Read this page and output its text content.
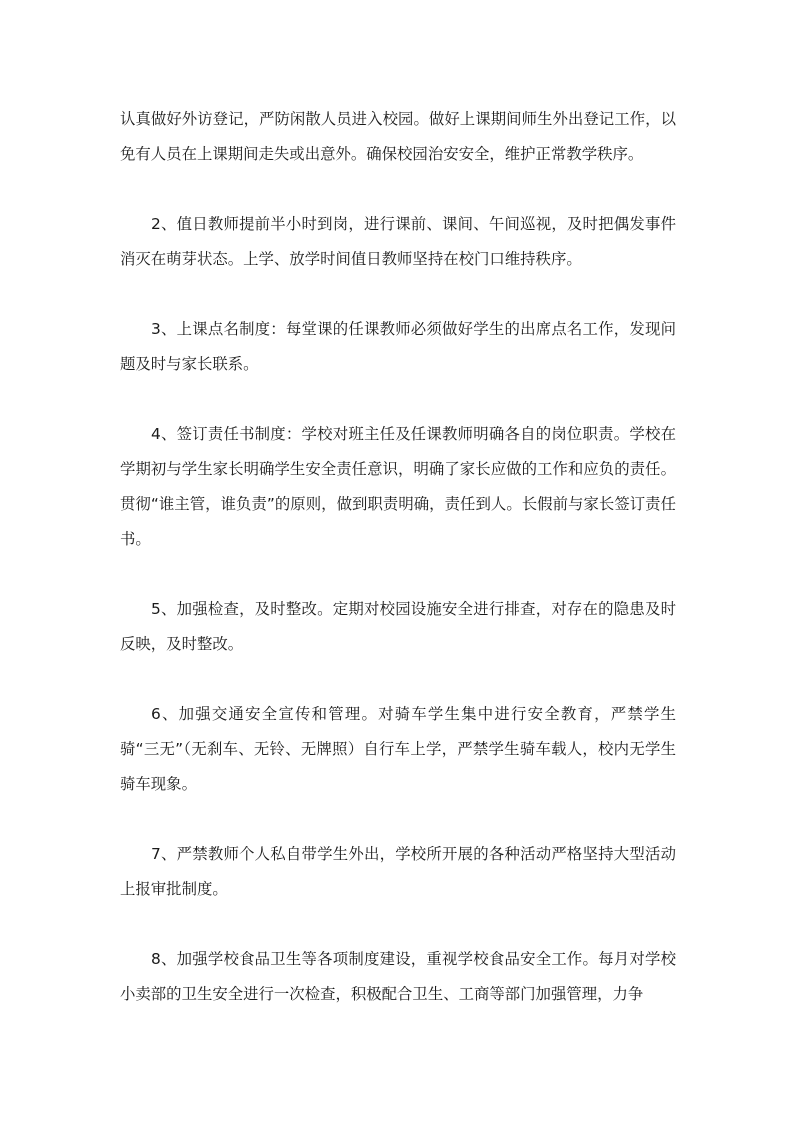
认真做好外访登记，严防闲散人员进入校园。做好上课期间师生外出登记工作，以免有人员在上课期间走失或出意外。确保校园治安安全，维护正常教学秩序。

2、值日教师提前半小时到岗，进行课前、课间、午间巡视，及时把偶发事件消灭在萌芽状态。上学、放学时间值日教师坚持在校门口维持秩序。

3、上课点名制度：每堂课的任课教师必须做好学生的出席点名工作，发现问题及时与家长联系。

4、签订责任书制度：学校对班主任及任课教师明确各自的岗位职责。学校在学期初与学生家长明确学生安全责任意识，明确了家长应做的工作和应负的责任。贯彻“谁主管，谁负责”的原则，做到职责明确，责任到人。长假前与家长签订责任书。

5、加强检查，及时整改。定期对校园设施安全进行排查，对存在的隐患及时反映，及时整改。

6、加强交通安全宣传和管理。对骑车学生集中进行安全教育，严禁学生骑“三无”（无刹车、无铃、无牌照）自行车上学，严禁学生骑车载人，校内无学生骑车现象。

7、严禁教师个人私自带学生外出，学校所开展的各种活动严格坚持大型活动上报审批制度。

8、加强学校食品卫生等各项制度建设，重视学校食品安全工作。每月对学校小卖部的卫生安全进行一次检查，积极配合卫生、工商等部门加强管理，力争
